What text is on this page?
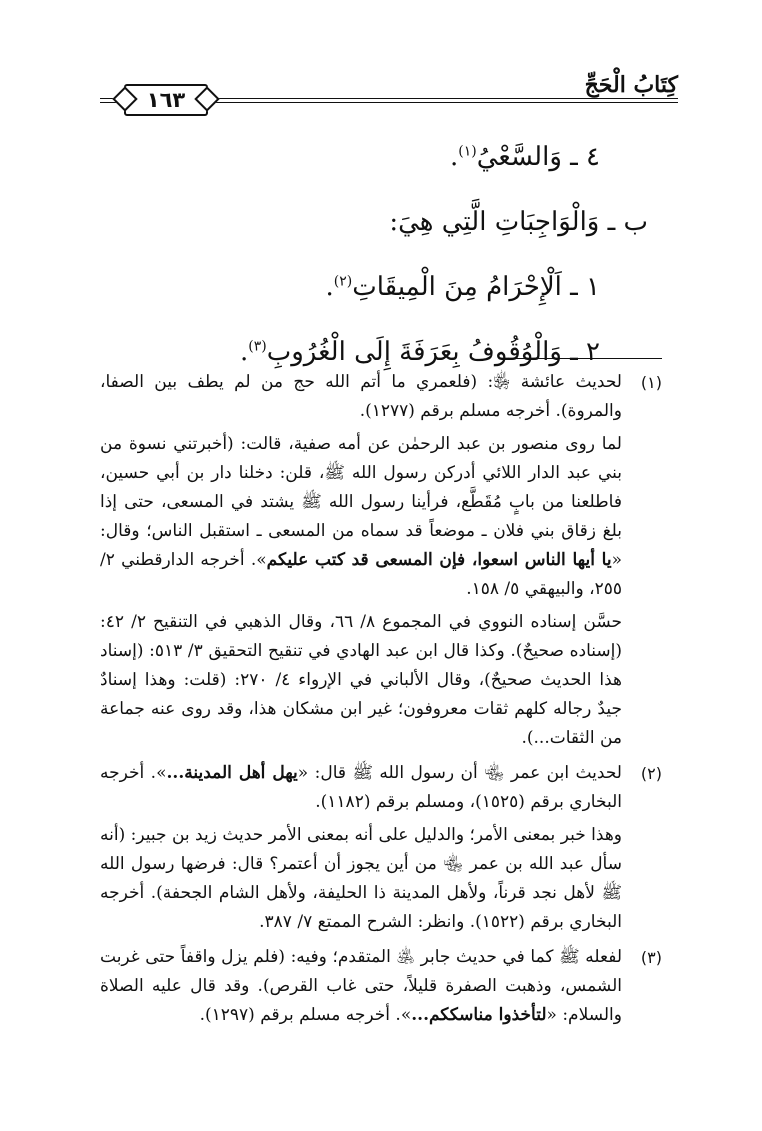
كِتَابُ الْحَجِّ
١٦٣
٤ ـ وَالسَّعْيُ$^{(١)}$.
ب ـ وَالْوَاجِبَاتِ الَّتِي هِيَ:
١ ـ اَلْإِحْرَامُ مِنَ الْمِيقَاتِ$^{(٢)}$.
٢ ـ وَالْوُقُوفُ بِعَرَفَةَ إِلَى الْغُرُوبِ$^{(٣)}$.
(١)
لحديث عائشة ﵂: (فلعمري ما أتم الله حج من لم يطف بين الصفا، والمروة). أخرجه مسلم برقم (١٢٧٧).
لما روى منصور بن عبد الرحمٰن عن أمه صفية، قالت: (أخبرتني نسوة من بني عبد الدار اللائي أدركن رسول الله ﷺ، قلن: دخلنا دار بن أبي حسين، فاطلعنا من بابٍ مُقَطَّع، فرأينا رسول الله ﷺ يشتد في المسعى، حتى إذا بلغ زقاق بني فلان ـ موضعاً قد سماه من المسعى ـ استقبل الناس؛ وقال: «يا أيها الناس اسعوا، فإن المسعى قد كتب عليكم». أخرجه الدارقطني ٢/ ٢٥٥، والبيهقي ٥/ ١٥٨.
حسَّن إسناده النووي في المجموع ٨/ ٦٦، وقال الذهبي في التنقيح ٢/ ٤٢: (إسناده صحيحٌ). وكذا قال ابن عبد الهادي في تنقيح التحقيق ٣/ ٥١٣: (إسناد هذا الحديث صحيحٌ)، وقال الألباني في الإرواء ٤/ ٢٧٠: (قلت: وهذا إسنادٌ جيدٌ رجاله كلهم ثقات معروفون؛ غير ابن مشكان هذا، وقد روى عنه جماعة من الثقات...).
(٢)
لحديث ابن عمر ﵄ أن رسول الله ﷺ قال: «يهل أهل المدينة...». أخرجه البخاري برقم (١٥٢٥)، ومسلم برقم (١١٨٢).
وهذا خبر بمعنى الأمر؛ والدليل على أنه بمعنى الأمر حديث زيد بن جبير: (أنه سأل عبد الله بن عمر ﵄ من أين يجوز أن أعتمر؟ قال: فرضها رسول الله ﷺ لأهل نجد قرناً، ولأهل المدينة ذا الحليفة، ولأهل الشام الجحفة). أخرجه البخاري برقم (١٥٢٢). وانظر: الشرح الممتع ٧/ ٣٨٧.
(٣)
لفعله ﷺ كما في حديث جابر ﵁ المتقدم؛ وفيه: (فلم يزل واقفاً حتى غربت الشمس، وذهبت الصفرة قليلاً، حتى غاب القرص). وقد قال عليه الصلاة والسلام: «لتأخذوا مناسككم...». أخرجه مسلم برقم (١٢٩٧).
